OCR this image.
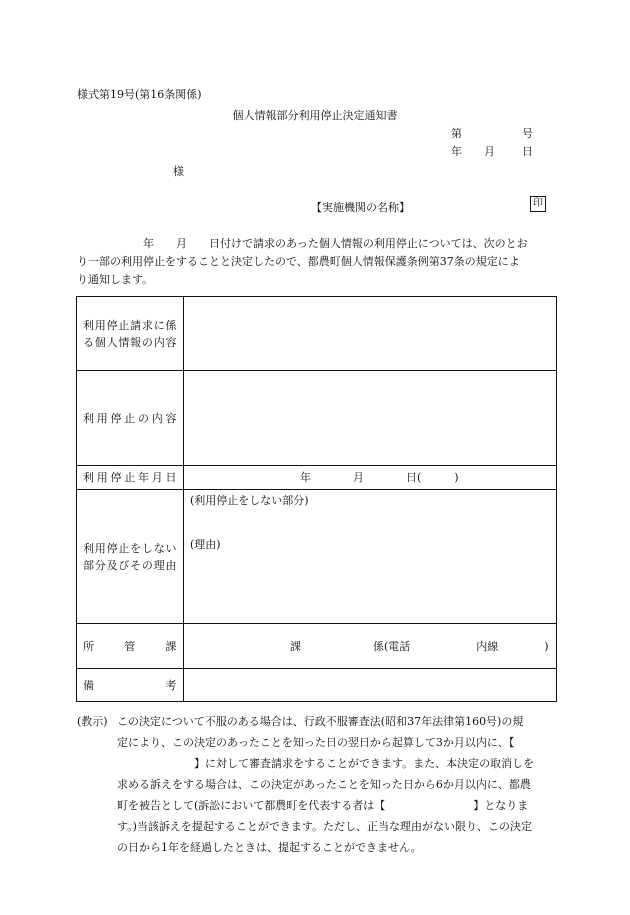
様式第19号(第16条関係)
個人情報部分利用停止決定通知書
第	号
年 月 日
様
【実施機関の名称】	印
　　　　　　年　　月　　日付けで請求のあった個人情報の利用停止については、次のとお
り一部の利用停止をすることと決定したので、都農町個人情報保護条例第37条の規定によ
り通知します。
利用停止請求に係る個人情報の内容	
利用停止の内容	
利用停止年月日	年 月 日(　　　)
利用停止をしない部分及びその理由	(利用停止をしない部分)
(理由)

所　管　課	課 係(電話 内線 )
備　　考	
(教示) この決定について不服のある場合は、行政不服審査法(昭和37年法律第160号)の規
定により、この決定のあったことを知った日の翌日から起算して3か月以内に、【
　　　　　　　】に対して審査請求をすることができます。また、本決定の取消しを
求める訴えをする場合は、この決定があったことを知った日から6か月以内に、都農
町を被告として(訴訟において都農町を代表する者は【　　　　　　　　】となりま
す。)当該訴えを提起することができます。ただし、正当な理由がない限り、この決定
の日から1年を経過したときは、提起することができません。
